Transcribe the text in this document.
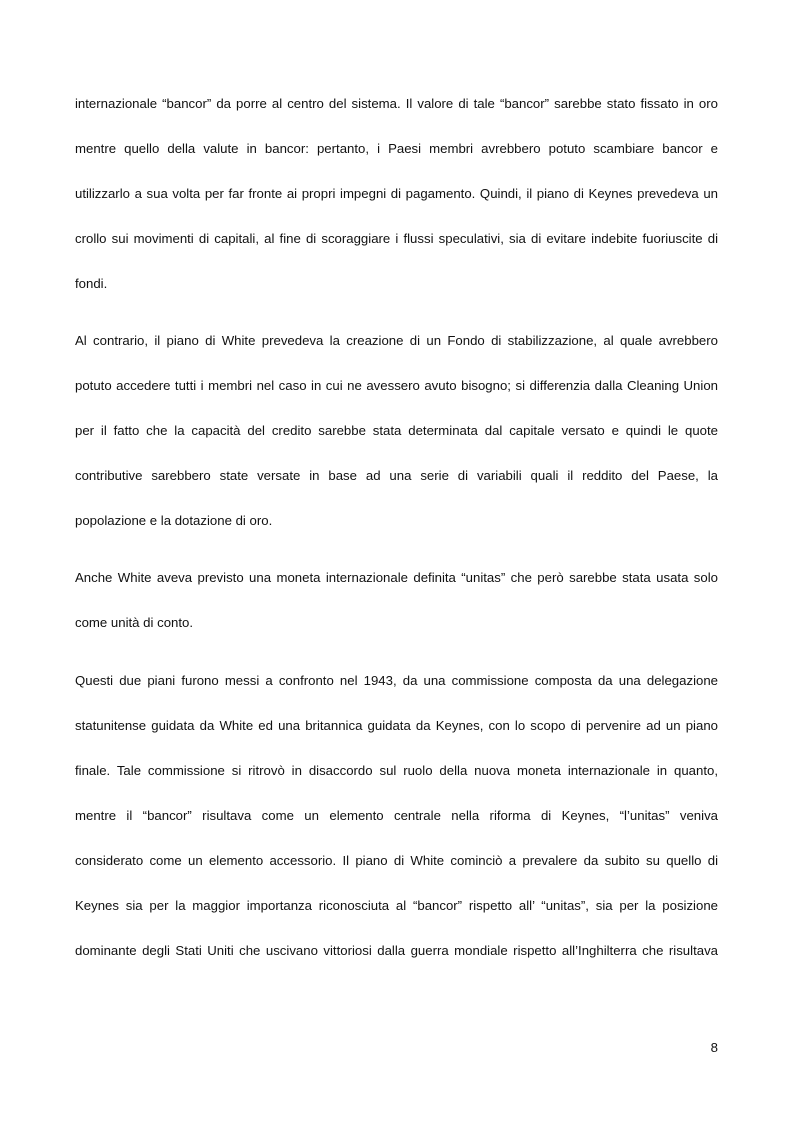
internazionale “bancor” da porre al centro del sistema. Il valore di tale “bancor” sarebbe stato fissato in oro

mentre quello della valute in bancor: pertanto, i Paesi membri avrebbero potuto scambiare bancor e

utilizzarlo a sua volta per far fronte ai propri impegni di pagamento. Quindi, il piano di Keynes prevedeva un

crollo sui movimenti di capitali, al fine di scoraggiare i flussi speculativi, sia di evitare indebite fuoriuscite di

fondi.

Al contrario, il piano di White prevedeva la creazione di un Fondo di stabilizzazione, al quale avrebbero

potuto accedere tutti i membri nel caso in cui ne avessero avuto bisogno; si differenzia dalla Cleaning Union

per il fatto che la capacità del credito sarebbe stata determinata dal capitale versato e quindi le quote

contributive sarebbero state versate in base ad una serie di variabili quali il reddito del Paese, la

popolazione e la dotazione di oro.

Anche White aveva previsto una moneta internazionale definita “unitas” che però sarebbe stata usata solo

come unità di conto.

Questi due piani furono messi a confronto nel 1943, da una commissione composta da una delegazione

statunitense guidata da White ed una britannica guidata da Keynes, con lo scopo di pervenire ad un piano

finale. Tale commissione si ritrovò in disaccordo sul ruolo della nuova moneta internazionale in quanto,

mentre il “bancor” risultava come un elemento centrale nella riforma di Keynes, “l’unitas” veniva

considerato come un elemento accessorio. Il piano di White cominciò a prevalere da subito su quello di

Keynes sia per la maggior importanza riconosciuta al “bancor” rispetto all’ “unitas”, sia per la posizione

dominante degli Stati Uniti che uscivano vittoriosi dalla guerra mondiale rispetto all’Inghilterra che risultava

8
